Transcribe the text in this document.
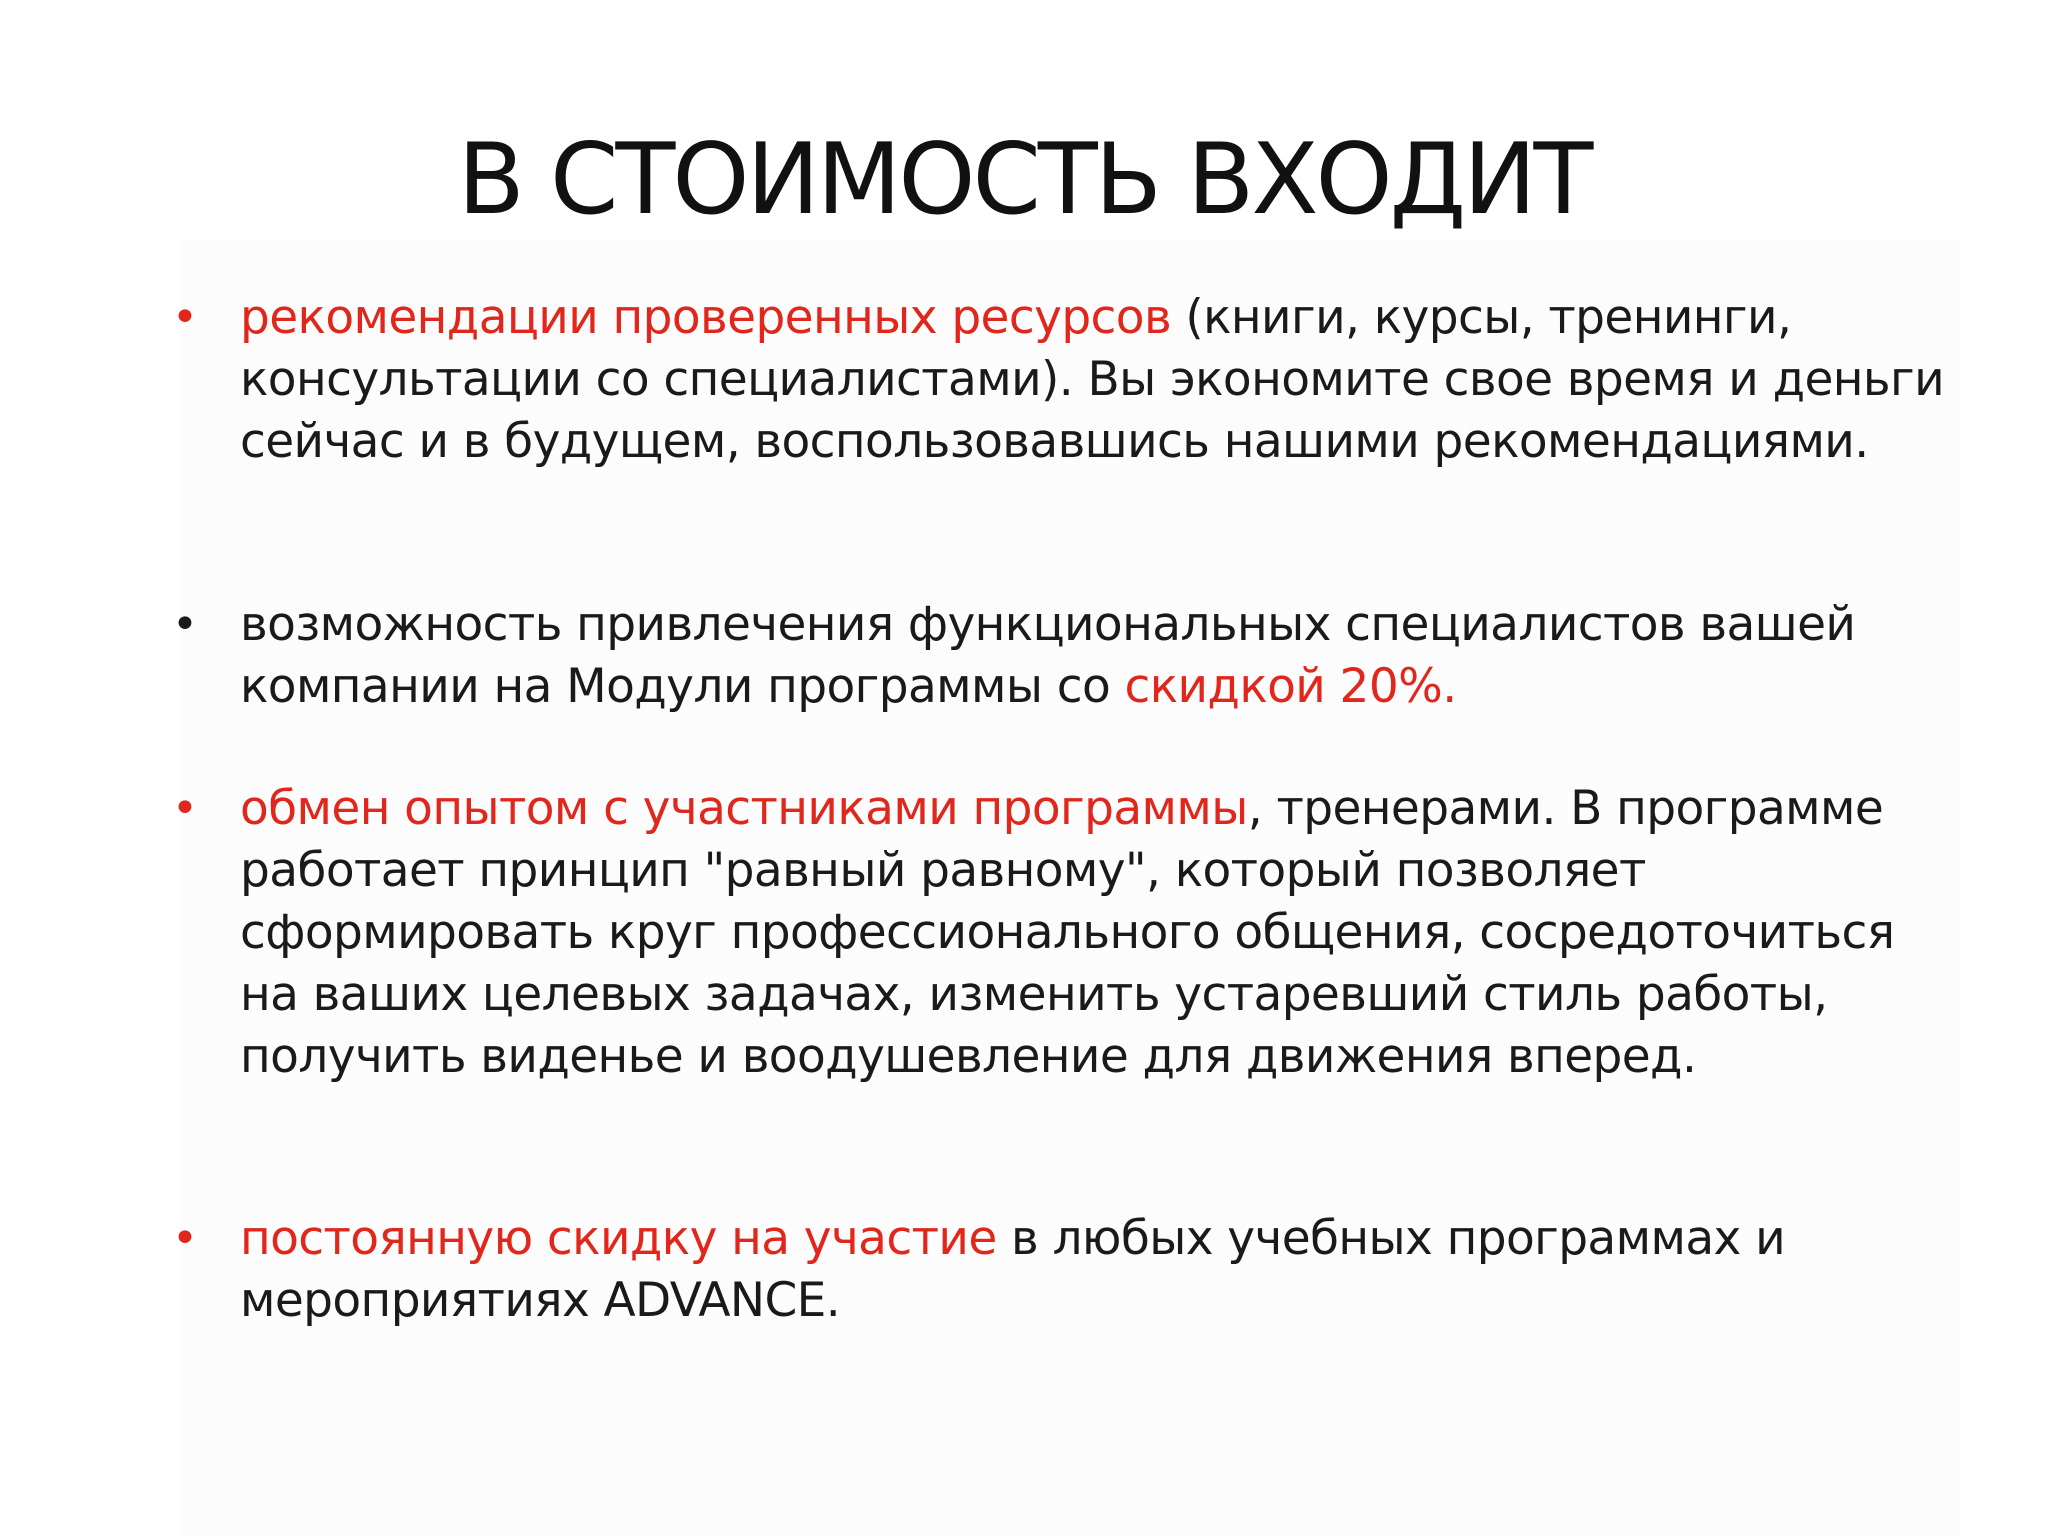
В СТОИМОСТЬ ВХОДИТ
• рекомендации проверенных ресурсов (книги, курсы, тренинги, консультации со специалистами). Вы экономите свое время и деньги сейчас и в будущем, воспользовавшись нашими рекомендациями.
• возможность привлечения функциональных специалистов вашей компании на Модули программы со скидкой 20%.
• обмен опытом с участниками программы, тренерами. В программе работает принцип "равный равному", который позволяет сформировать круг профессионального общения, сосредоточиться на ваших целевых задачах, изменить устаревший стиль работы, получить виденье и воодушевление для движения вперед.
• постоянную скидку на участие в любых учебных программах и мероприятиях ADVANCE.
